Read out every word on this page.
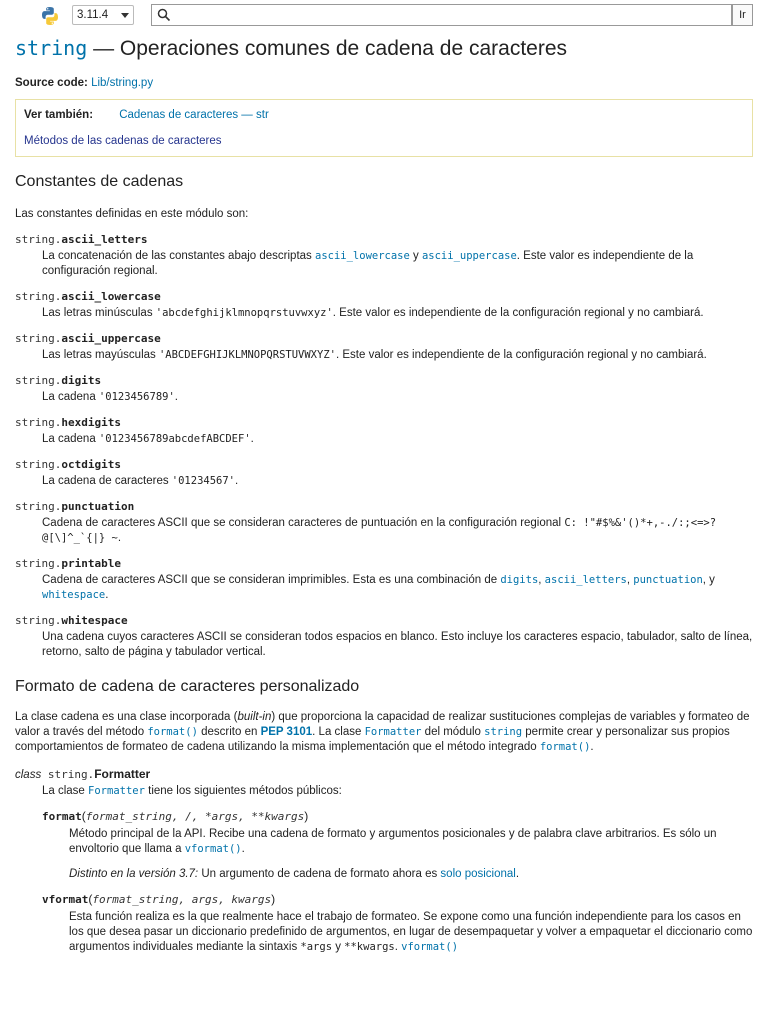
3.11.4	Ir
string — Operaciones comunes de cadena de caracteres
Source code: Lib/string.py
Ver también: Cadenas de caracteres — str
Métodos de las cadenas de caracteres
Constantes de cadenas

Las constantes definidas en este módulo son:

string.ascii_letters
La concatenación de las constantes abajo descriptas ascii_lowercase y ascii_uppercase. Este valor es independiente de la configuración regional.
string.ascii_lowercase
Las letras minúsculas 'abcdefghijklmnopqrstuvwxyz'. Este valor es independiente de la configuración regional y no cambiará.
string.ascii_uppercase
Las letras mayúsculas 'ABCDEFGHIJKLMNOPQRSTUVWXYZ'. Este valor es independiente de la configuración regional y no cambiará.
string.digits
La cadena '0123456789'.
string.hexdigits
La cadena '0123456789abcdefABCDEF'.
string.octdigits
La cadena de caracteres '01234567'.
string.punctuation
Cadena de caracteres ASCII que se consideran caracteres de puntuación en la configuración regional C: !"#$%&'()*+,-./:;<=>?@[\]^_`{|} ~.
string.printable
Cadena de caracteres ASCII que se consideran imprimibles. Esta es una combinación de digits, ascii_letters, punctuation, y whitespace.
string.whitespace
Una cadena cuyos caracteres ASCII se consideran todos espacios en blanco. Esto incluye los caracteres espacio, tabulador, salto de línea, retorno, salto de página y tabulador vertical.
Formato de cadena de caracteres personalizado

La clase cadena es una clase incorporada (built-in) que proporciona la capacidad de realizar sustituciones complejas de variables y formateo de valor a través del método format() descrito en PEP 3101. La clase Formatter del módulo string permite crear y personalizar sus propios comportamientos de formateo de cadena utilizando la misma implementación que el método integrado format().

class string.Formatter
La clase Formatter tiene los siguientes métodos públicos:
format(format_string, /, *args, **kwargs)
Método principal de la API. Recibe una cadena de formato y argumentos posicionales y de palabra clave arbitrarios. Es sólo un envoltorio que llama a vformat().
Distinto en la versión 3.7: Un argumento de cadena de formato ahora es solo posicional.
vformat(format_string, args, kwargs)
Esta función realiza es la que realmente hace el trabajo de formateo. Se expone como una función independiente para los casos en los que desea pasar un diccionario predefinido de argumentos, en lugar de desempaquetar y volver a empaquetar el diccionario como argumentos individuales mediante la sintaxis *args y **kwargs. vformat()
